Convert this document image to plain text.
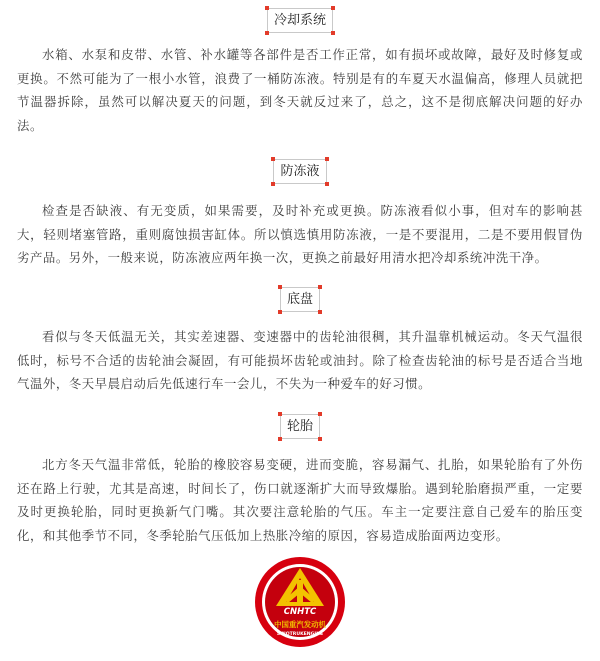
冷却系统

水箱、水泵和皮带、水管、补水罐等各部件是否工作正常，如有损坏或故障，最好及时修复或更换。不然可能为了一根小水管，浪费了一桶防冻液。特别是有的车夏天水温偏高，修理人员就把节温器拆除，虽然可以解决夏天的问题，到冬天就反过来了，总之，这不是彻底解决问题的好办法。

防冻液

检查是否缺液、有无变质，如果需要，及时补充或更换。防冻液看似小事，但对车的影响甚大，轻则堵塞管路，重则腐蚀损害缸体。所以慎选慎用防冻液，一是不要混用，二是不要用假冒伪劣产品。另外，一般来说，防冻液应两年换一次，更换之前最好用清水把冷却系统冲洗干净。

底盘

看似与冬天低温无关，其实差速器、变速器中的齿轮油很稠，其升温靠机械运动。冬天气温很低时，标号不合适的齿轮油会凝固，有可能损坏齿轮或油封。除了检查齿轮油的标号是否适合当地气温外，冬天早晨启动后先低速行车一会儿，不失为一种爱车的好习惯。

轮胎

北方冬天气温非常低，轮胎的橡胶容易变硬，进而变脆，容易漏气、扎胎，如果轮胎有了外伤还在路上行驶，尤其是高速，时间长了，伤口就逐渐扩大而导致爆胎。遇到轮胎磨损严重，一定要及时更换轮胎，同时更换新气门嘴。其次要注意轮胎的气压。车主一定要注意自己爱车的胎压变化，和其他季节不同，冬季轮胎气压低加上热胀冷缩的原因，容易造成胎面两边变形。

CNHTC
中国重汽发动机
SINOTRUKENGINE
